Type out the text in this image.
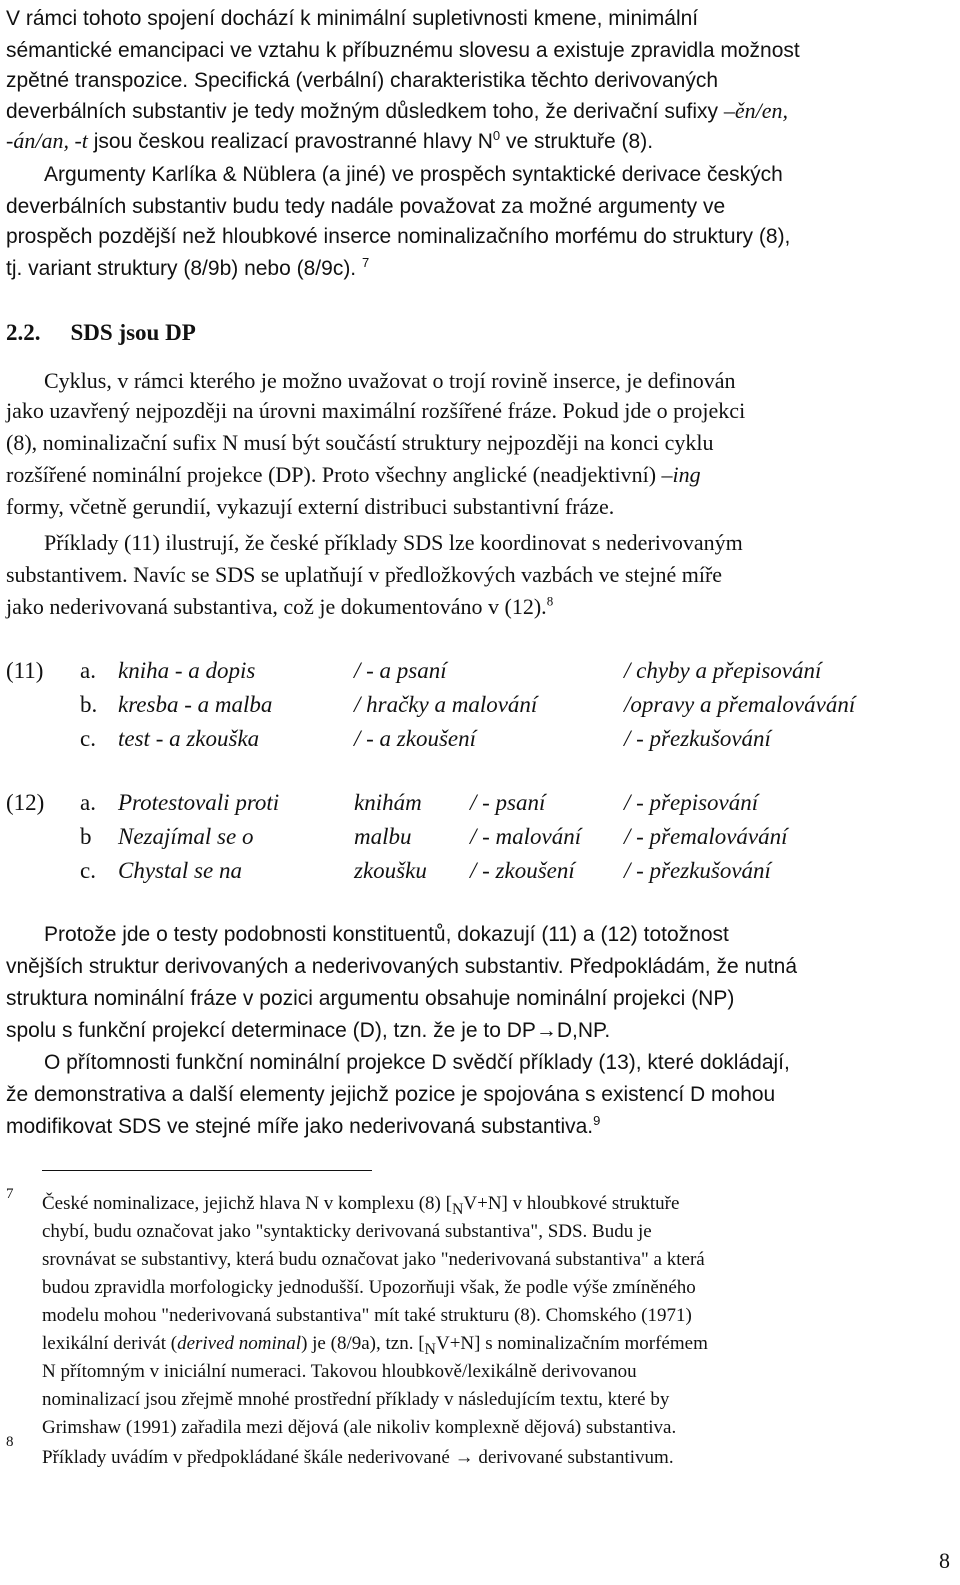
V rámci tohoto spojení dochází k minimální supletivnosti kmene, minimální
sémantické emancipaci ve vztahu k příbuznému slovesu a existuje zpravidla možnost
zpětné transpozice. Specifická (verbální) charakteristika těchto derivovaných
deverbálních substantiv je tedy možným důsledkem toho, že derivační sufixy –ěn/en,
-án/an, -t jsou českou realizací pravostranné hlavy $N^0$ ve struktuře (8).
Argumenty Karlíka & Nüblera (a jiné) ve prospěch syntaktické derivace českých
deverbálních substantiv budu tedy nadále považovat za možné argumenty ve
prospěch pozdější než hloubkové inserce nominalizačního morfému do struktury (8),
tj. variant struktury (8/9b) nebo (8/9c). $^7$
2.2. SDS jsou DP
Cyklus, v rámci kterého je možno uvažovat o trojí rovině inserce, je definován
jako uzavřený nejpozději na úrovni maximální rozšířené fráze. Pokud jde o projekci
(8), nominalizační sufix N musí být součástí struktury nejpozději na konci cyklu
rozšířené nominální projekce (DP). Proto všechny anglické (neadjektivní) –ing
formy, včetně gerundií, vykazují externí distribuci substantivní fráze.
Příklady (11) ilustrují, že české příklady SDS lze koordinovat s nederivovaným
substantivem. Navíc se SDS se uplatňují v předložkových vazbách ve stejné míře
jako nederivovaná substantiva, což je dokumentováno v (12).$^8$
(11) a. kniha - a dopis	/ - a psaní	/ chyby a přepisování
b. kresba - a malba	/ hračky a malování	/opravy a přemalovávání
c. test - a zkouška	/ - a zkoušení	/ - přezkušování
(12) a. Protestovali proti	knihám / - psaní	/ - přepisování
b Nezajímal se o	malbu	/ - malování / - přemalovávání
c. Chystal se na	zkoušku / - zkoušení / - přezkušování
Protože jde o testy podobnosti konstituentů, dokazují (11) a (12) totožnost
vnějších struktur derivovaných a nederivovaných substantiv. Předpokládám, že nutná
struktura nominální fráze v pozici argumentu obsahuje nominální projekci (NP)
spolu s funkční projekcí determinace (D), tzn. že je to DP→D,NP.
O přítomnosti funkční nominální projekce D svědčí příklady (13), které dokládají,
že demonstrativa a další elementy jejichž pozice je spojována s existencí D mohou
modifikovat SDS ve stejné míře jako nederivovaná substantiva.$^9$
7 České nominalizace, jejichž hlava N v komplexu (8) $[_NV+N]$ v hloubkové struktuře
chybí, budu označovat jako "syntakticky derivovaná substantiva", SDS. Budu je
srovnávat se substantivy, která budu označovat jako "nederivovaná substantiva" a která
budou zpravidla morfologicky jednodušší. Upozorňuji však, že podle výše zmíněného
modelu mohou "nederivovaná substantiva" mít také strukturu (8). Chomského (1971)
lexikální derivát (derived nominal) je (8/9a), tzn. $[_NV+N]$ s nominalizačním morfémem
N přítomným v iniciální numeraci. Takovou hloubkově/lexikálně derivovanou
nominalizací jsou zřejmě mnohé prostřední příklady v následujícím textu, které by
Grimshaw (1991) zařadila mezi dějová (ale nikoliv komplexně dějová) substantiva.
8
Příklady uvádím v předpokládané škále nederivované → derivované substantivum.
8
